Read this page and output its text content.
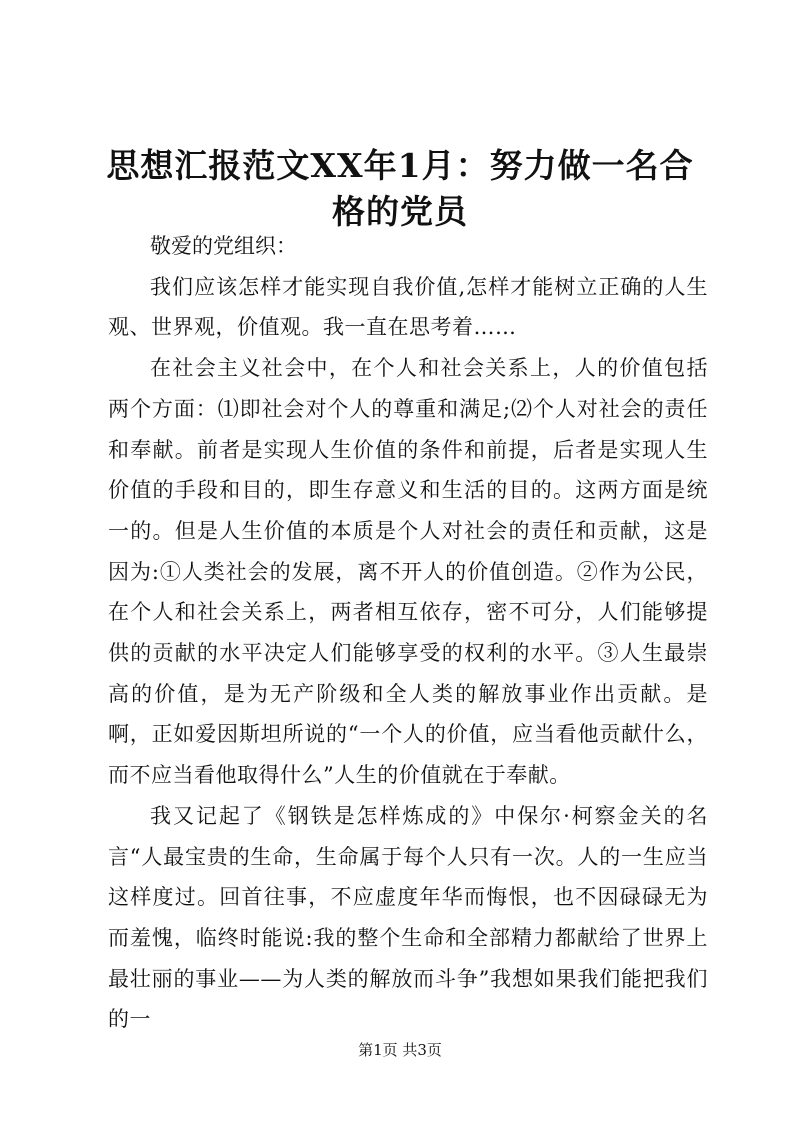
思想汇报范文XX年1月：努力做一名合格的党员

敬爱的党组织：

我们应该怎样才能实现自我价值,怎样才能树立正确的人生观、世界观，价值观。我一直在思考着……

在社会主义社会中，在个人和社会关系上，人的价值包括两个方面：⑴即社会对个人的尊重和满足;⑵个人对社会的责任和奉献。前者是实现人生价值的条件和前提，后者是实现人生价值的手段和目的，即生存意义和生活的目的。这两方面是统一的。但是人生价值的本质是个人对社会的责任和贡献，这是因为:①人类社会的发展，离不开人的价值创造。②作为公民，在个人和社会关系上，两者相互依存，密不可分，人们能够提供的贡献的水平决定人们能够享受的权利的水平。③人生最崇高的价值，是为无产阶级和全人类的解放事业作出贡献。是啊，正如爱因斯坦所说的“一个人的价值，应当看他贡献什么，而不应当看他取得什么”人生的价值就在于奉献。

我又记起了《钢铁是怎样炼成的》中保尔·柯察金关的名言“人最宝贵的生命，生命属于每个人只有一次。人的一生应当这样度过。回首往事，不应虚度年华而悔恨，也不因碌碌无为而羞愧，临终时能说:我的整个生命和全部精力都献给了世界上最壮丽的事业——为人类的解放而斗争”我想如果我们能把我们的一

第1页 共3页
